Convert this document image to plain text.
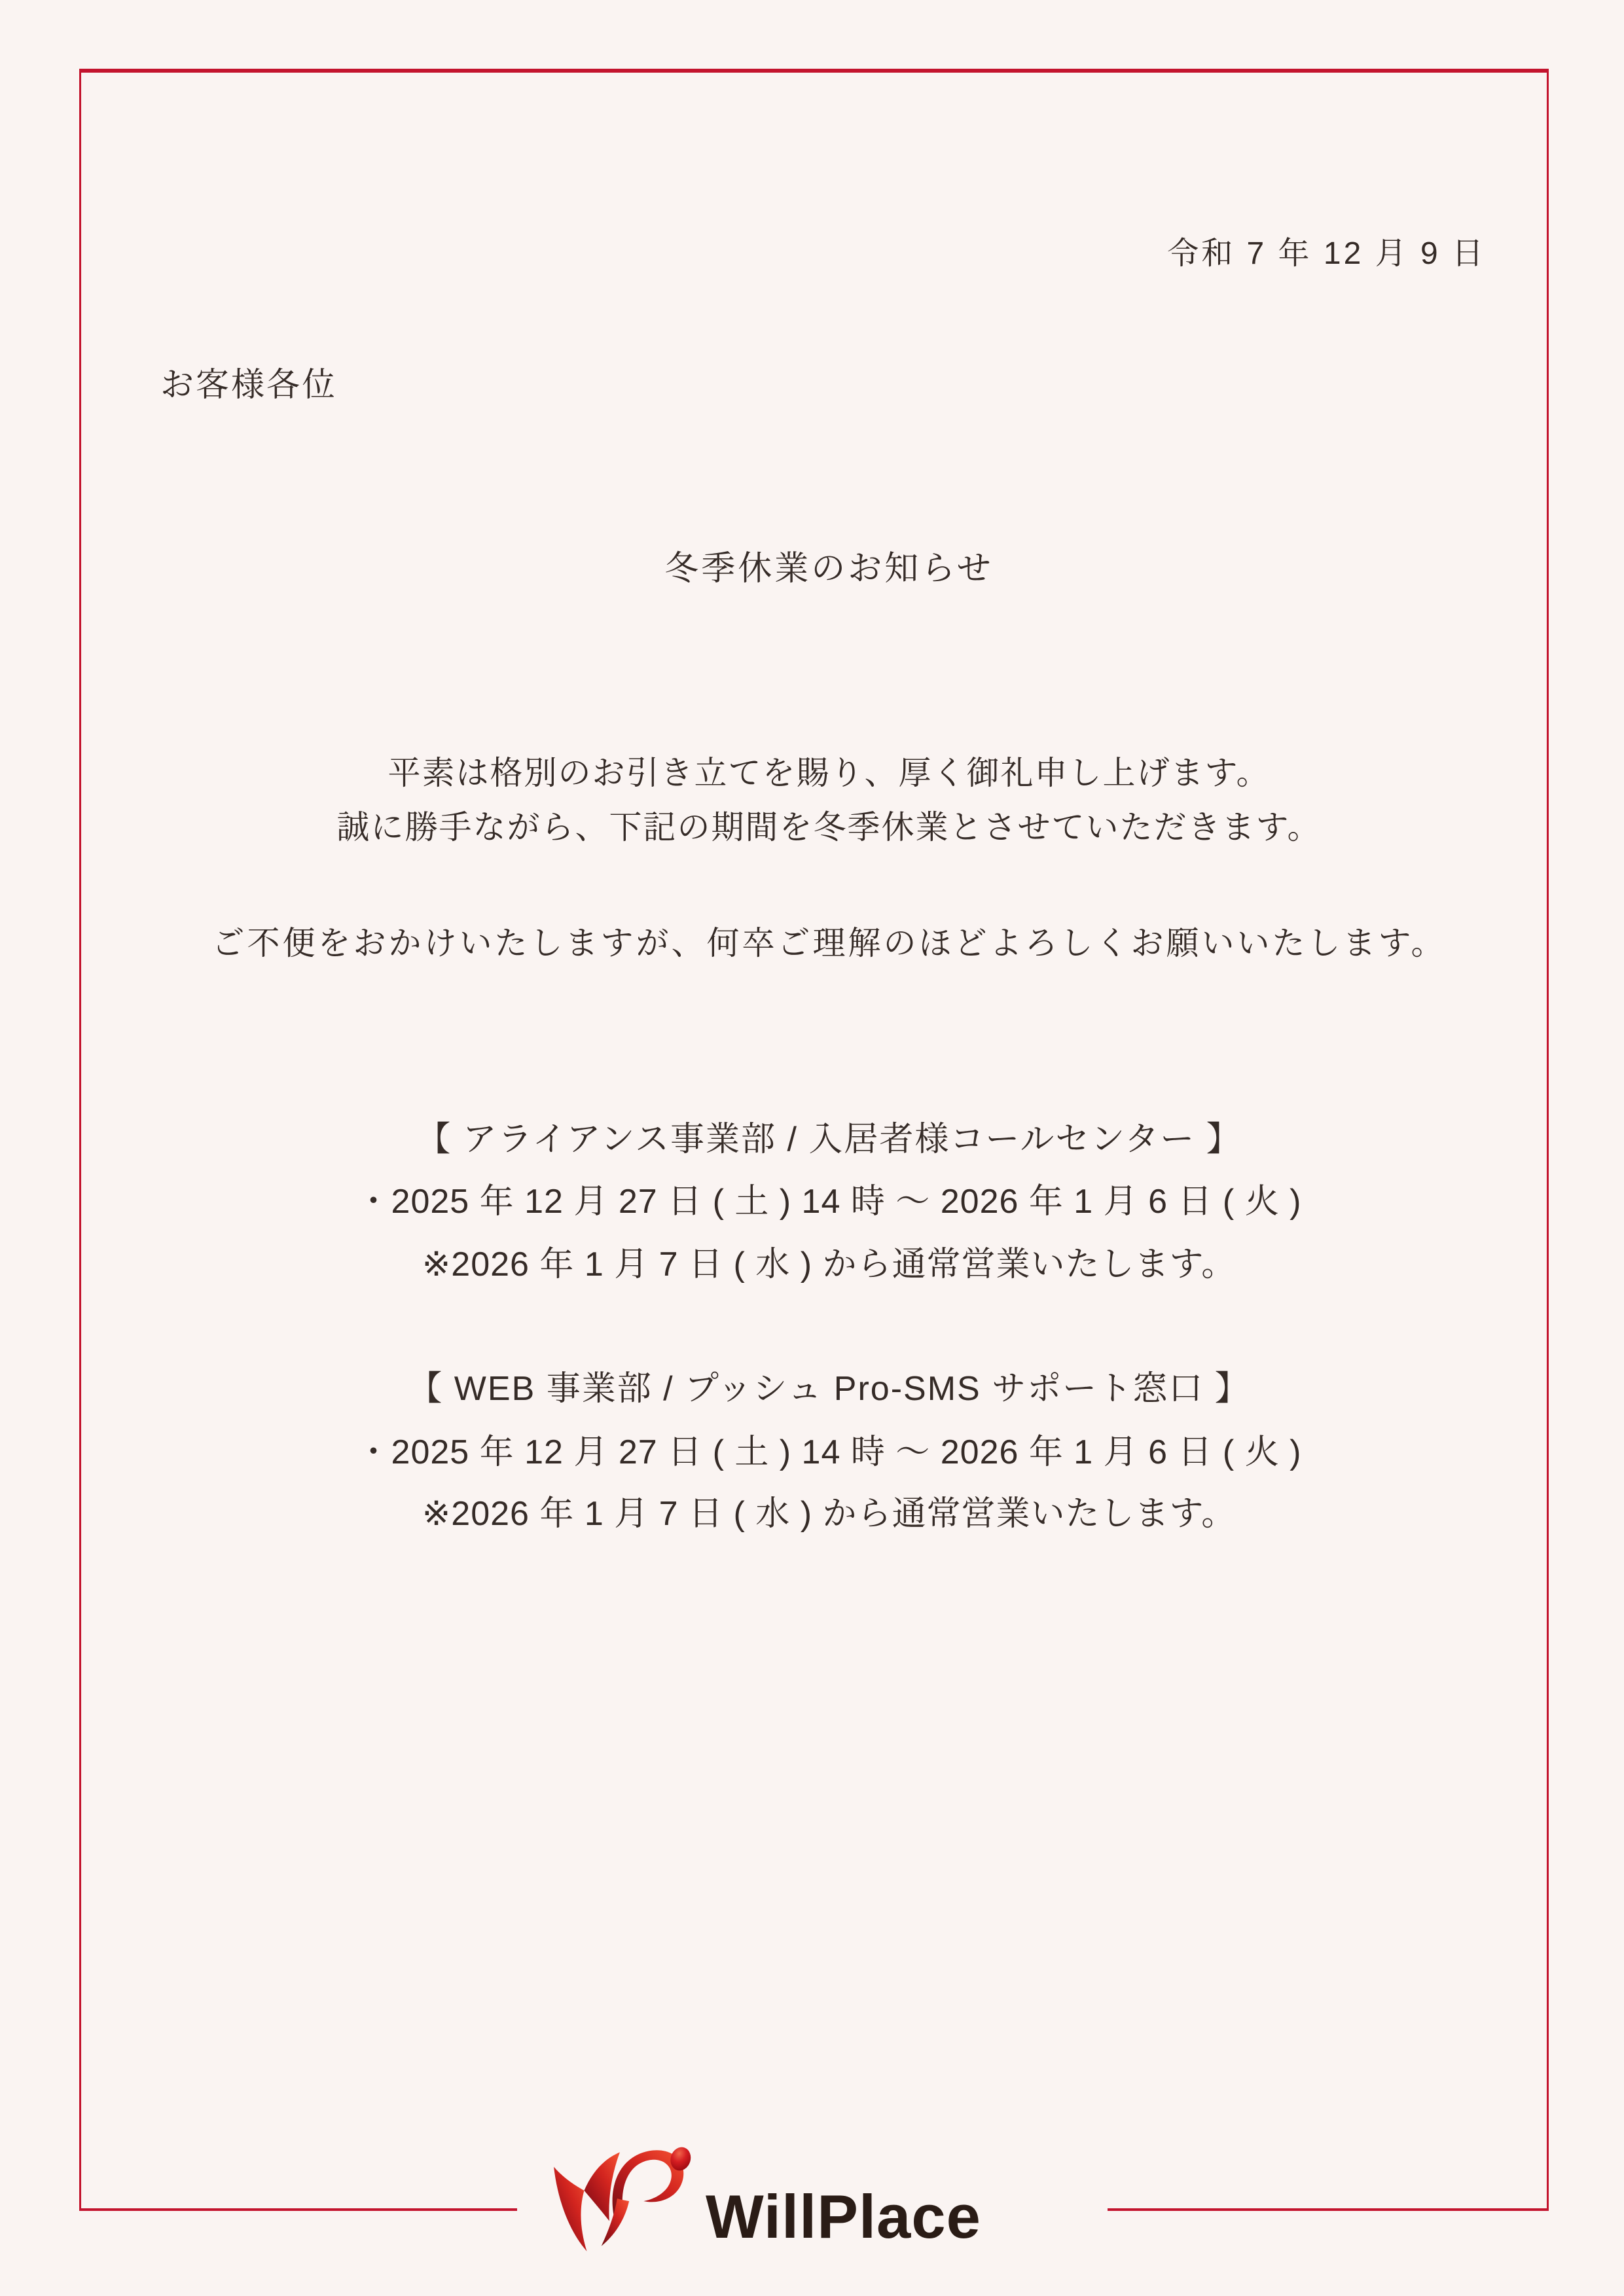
令和 7 年 12 月 9 日
お客様各位
冬季休業のお知らせ
平素は格別のお引き立てを賜り、厚く御礼申し上げます。
誠に勝手ながら、下記の期間を冬季休業とさせていただきます。
ご不便をおかけいたしますが、何卒ご理解のほどよろしくお願いいたします。
【 アライアンス事業部 / 入居者様コールセンター 】
・2025 年 12 月 27 日 ( 土 ) 14 時 ～ 2026 年 1 月 6 日 ( 火 )
※2026 年 1 月 7 日 ( 水 ) から通常営業いたします。
【 WEB 事業部 / プッシュ Pro-SMS サポート窓口 】
・2025 年 12 月 27 日 ( 土 ) 14 時 ～ 2026 年 1 月 6 日 ( 火 )
※2026 年 1 月 7 日 ( 水 ) から通常営業いたします。
WillPlace
